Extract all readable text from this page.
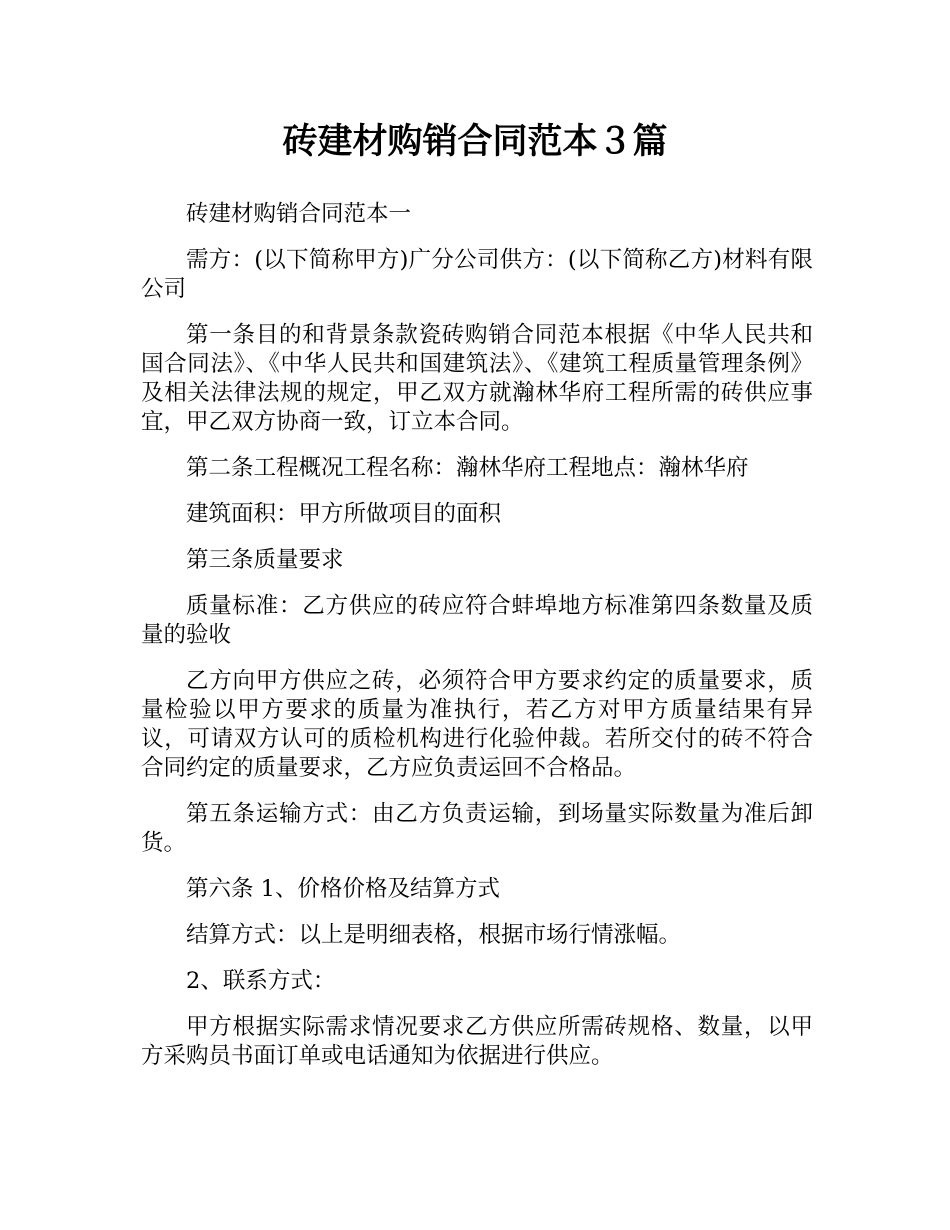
砖建材购销合同范本３篇

砖建材购销合同范本一

需方：(以下简称甲方)广分公司供方：(以下简称乙方)材料有限公司

第一条目的和背景条款瓷砖购销合同范本根据《中华人民共和国合同法》、《中华人民共和国建筑法》、《建筑工程质量管理条例》及相关法律法规的规定，甲乙双方就瀚林华府工程所需的砖供应事宜，甲乙双方协商一致，订立本合同。

第二条工程概况工程名称：瀚林华府工程地点：瀚林华府

建筑面积：甲方所做项目的面积

第三条质量要求

质量标准：乙方供应的砖应符合蚌埠地方标准第四条数量及质量的验收

乙方向甲方供应之砖，必须符合甲方要求约定的质量要求，质量检验以甲方要求的质量为准执行，若乙方对甲方质量结果有异议，可请双方认可的质检机构进行化验仲裁。若所交付的砖不符合合同约定的质量要求，乙方应负责运回不合格品。

第五条运输方式：由乙方负责运输，到场量实际数量为准后卸货。

第六条 1、价格价格及结算方式

结算方式：以上是明细表格，根据市场行情涨幅。

2、联系方式：

甲方根据实际需求情况要求乙方供应所需砖规格、数量，以甲方采购员书面订单或电话通知为依据进行供应。
